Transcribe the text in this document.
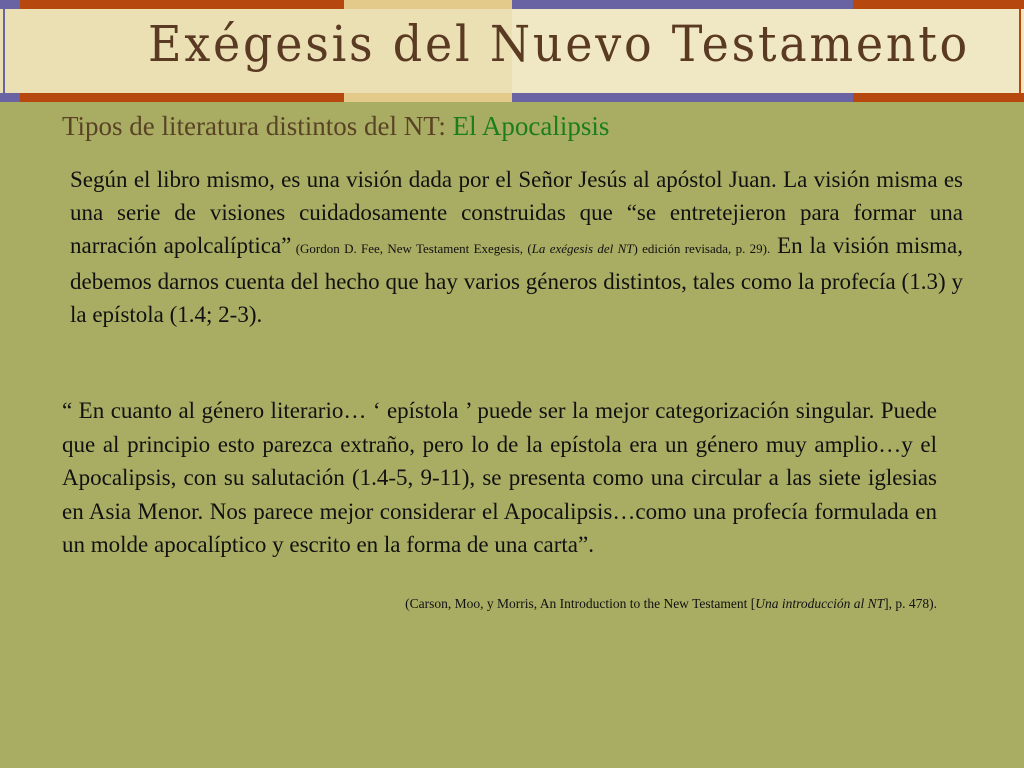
Exégesis del Nuevo Testamento
Tipos de literatura distintos del NT: El Apocalipsis
Según el libro mismo, es una visión dada por el Señor Jesús al apóstol Juan. La visión misma es una serie de visiones cuidadosamente construidas que “se entretejieron para formar una narración apolcalíptica” (Gordon D. Fee, New Testament Exegesis, (La exégesis del NT) edición revisada, p. 29). En la visión misma, debemos darnos cuenta del hecho que hay varios géneros distintos, tales como la profecía (1.3) y la epístola (1.4; 2-3).
“ En cuanto al género literario… ‘ epístola ’ puede ser la mejor categorización singular. Puede que al principio esto parezca extraño, pero lo de la epístola era un género muy amplio…y el Apocalipsis, con su salutación (1.4-5, 9-11), se presenta como una circular a las siete iglesias en Asia Menor. Nos parece mejor considerar el Apocalipsis…como una profecía formulada en un molde apocalíptico y escrito en la forma de una carta”.
(Carson, Moo, y Morris, An Introduction to the New Testament [Una introducción al NT], p. 478).
